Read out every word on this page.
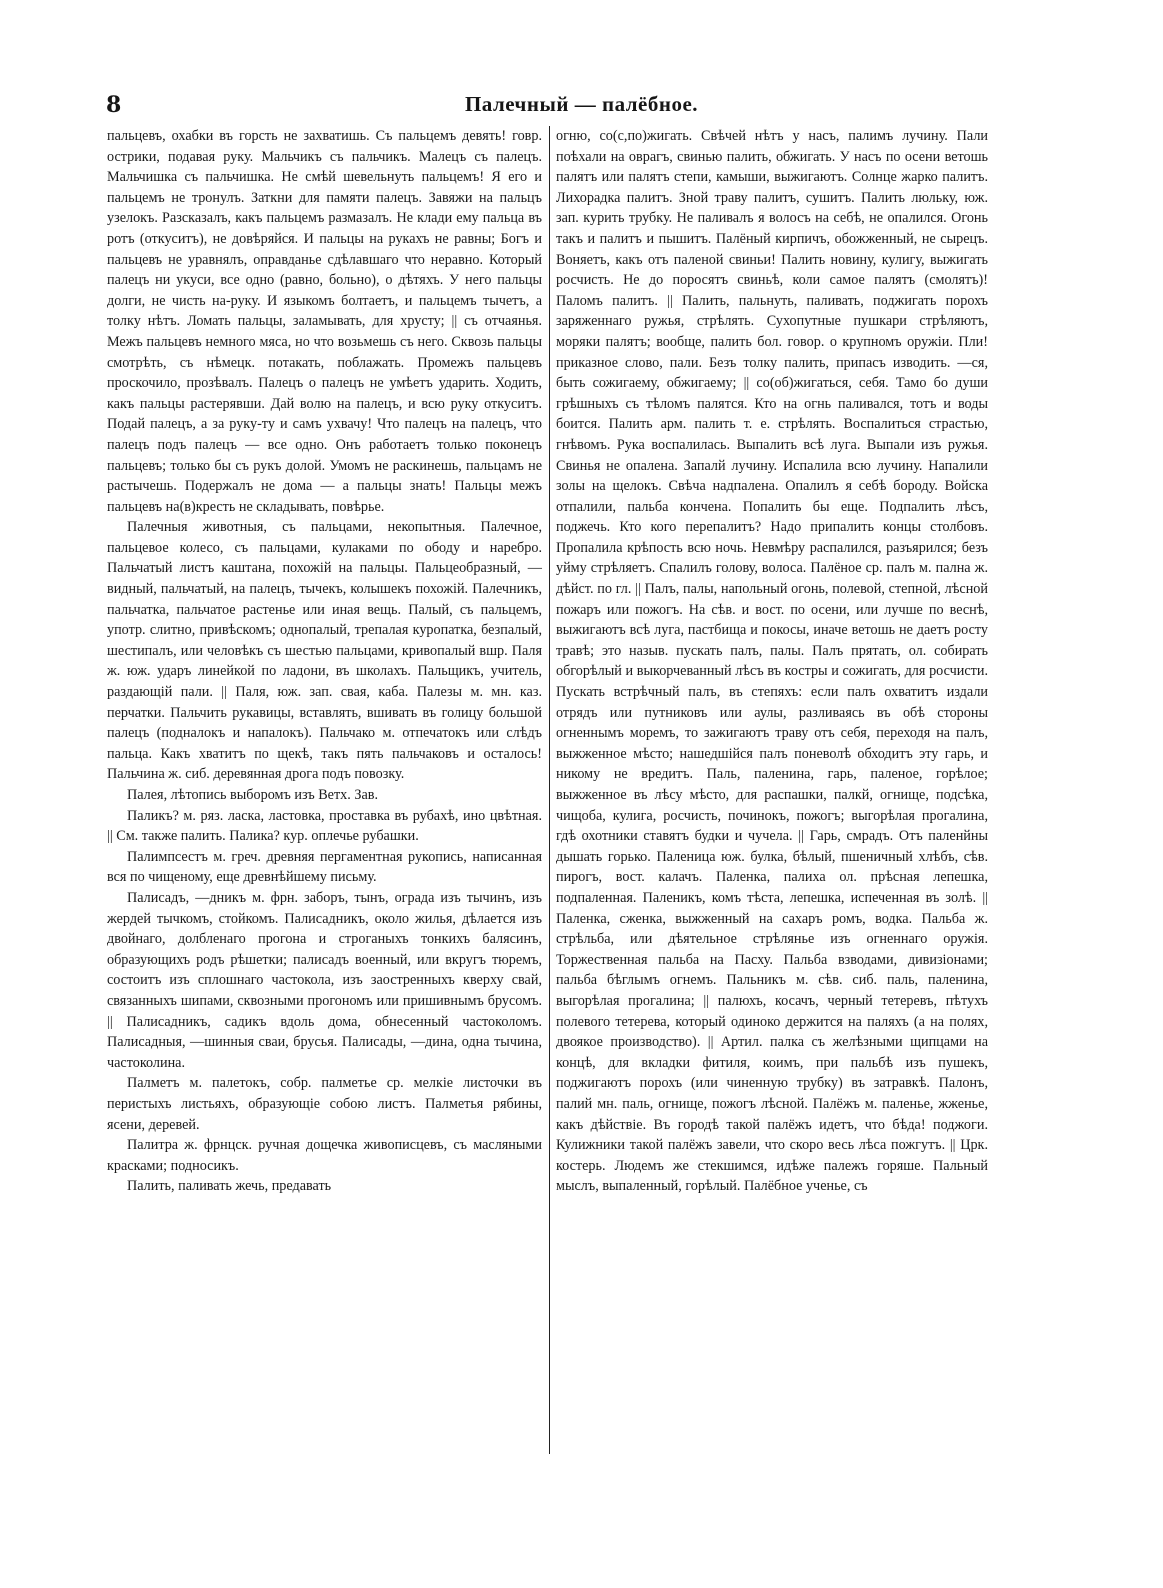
8	Палечный — палёбное.

пальцевъ, охабки въ горсть не захватишь. Съ пальцемъ девять! говр. острики, подавая руку. Мальчикъ съ пальчикъ. Малецъ съ палецъ. Мальчишка съ пальчишка. Не смѣй шевельнуть пальцемъ! Я его и пальцемъ не тронулъ. Заткни для памяти палецъ. Завяжи на пальцъ узелокъ. Разсказалъ, какъ пальцемъ размазалъ. Не клади ему пальца въ ротъ (откуситъ), не довѣряйся. И пальцы на рукахъ не равны; Богъ и пальцевъ не уравнялъ, оправданье сдѣлавшаго что неравно. Который палецъ ни укуси, все одно (равно, больно), о дѣтяхъ. У него пальцы долги, не чисть на-руку. И языкомъ болтаетъ, и пальцемъ тычетъ, а толку нѣтъ. Ломать пальцы, заламывать, для хрусту; || съ отчаянья. Межъ пальцевъ немного мяса, но что возьмешь съ него. Сквозь пальцы смотрѣть, съ нѣмецк. потакать, поблажать. Промежъ пальцевъ проскочило, прозѣвалъ. Палецъ о палецъ не умѣетъ ударить. Ходить, какъ пальцы растерявши. Дай волю на палецъ, и всю руку откуситъ. Подай палецъ, а за руку-ту и самъ ухвачу! Что палецъ на палецъ, что палецъ подъ палецъ — все одно. Онъ работаетъ только поконецъ пальцевъ; только бы съ рукъ долой. Умомъ не раскинешь, пальцамъ не растычешь. Подержалъ не дома — а пальцы знать! Пальцы межъ пальцевъ на(в)кресть не складывать, повѣрье.

Палечныя животныя, съ пальцами, некопытныя. Палечное, пальцевое колесо, съ пальцами, кулаками по ободу и наребро. Пальчатый листъ каштана, похожій на пальцы. Пальцеобразный, —видный, пальчатый, на палецъ, тычекъ, колышекъ похожій. Палечникъ, пальчатка, пальчатое растенье или иная вещь. Палый, съ пальцемъ, употр. слитно, привѣскомъ; однопалый, трепалая куропатка, безпалый, шестипалъ, или человѣкъ съ шестью пальцами, кривопалый вшр. Паля ж. юж. ударъ линейкой по ладони, въ школахъ. Пальщикъ, учитель, раздающій пали. || Паля, юж. зап. свая, каба. Палезы м. мн. каз. перчатки. Пальчить рукавицы, вставлять, вшивать въ голицу большой палецъ (подналокъ и напалокъ). Пальчако м. отпечатокъ или слѣдъ пальца. Какъ хватитъ по щекѣ, такъ пять пальчаковъ и осталось! Пальчина ж. сиб. деревянная дрога подъ повозку.

Палея, лѣтопись выборомъ изъ Ветх. Зав.

Паликъ? м. ряз. ласка, ластовка, проставка въ рубахѣ, ино цвѣтная. || См. также палить. Палика? кур. оплечье рубашки.

Палимпсестъ м. греч. древняя пергаментная рукопись, написанная вся по чищеному, еще древнѣйшему письму.

Палисадъ, —дникъ м. фрн. заборъ, тынъ, ограда изъ тычинъ, изъ жердей тычкомъ, стойкомъ. Палисадникъ, около жилья, дѣлается изъ двойнаго, долбленаго прогона и строганыхъ тонкихъ балясинъ, образующихъ родъ рѣшетки; палисадъ военный, или вкругъ тюремъ, состоитъ изъ сплошнаго частокола, изъ заостренныхъ кверху свай, связанныхъ шипами, сквозными прогономъ или пришивнымъ брусомъ. || Палисадникъ, садикъ вдоль дома, обнесенный частоколомъ. Палисадныя, —шинныя сваи, брусья. Палисады, —дина, одна тычина, частоколина.

Палметъ м. палетокъ, собр. палметье ср. мелкіе листочки въ перистыхъ листьяхъ, образующіе собою листъ. Палметья рябины, ясени, деревей.

Палитра ж. фрнцск. ручная дощечка живописцевъ, съ масляными красками; подносикъ.

Палить, паливать жечь, предавать

огню, со(с,по)жигать. Свѣчей нѣтъ у насъ, палимъ лучину. Пали поѣхали на оврагъ, свинью палить, обжигать. У насъ по осени ветошь палятъ или палятъ степи, камыши, выжигаютъ. Солнце жарко палитъ. Лихорадка палитъ. Зной траву палитъ, сушитъ. Палить люльку, юж. зап. курить трубку. Не паливалъ я волосъ на себѣ, не опалился. Огонь такъ и палитъ и пышитъ. Палёный кирпичъ, обожженный, не сырецъ. Воняетъ, какъ отъ паленой свиньи! Палить новину, кулигу, выжигать росчисть. Не до поросятъ свиньѣ, коли самое палятъ (смолятъ)! Паломъ палитъ. || Палить, пальнуть, паливать, поджигать порохъ заряженнаго ружья, стрѣлять. Сухопутные пушкари стрѣляютъ, моряки палятъ; вообще, палить бол. говор. о крупномъ оружіи. Пли! приказное слово, пали. Безъ толку палить, припасъ изводить. —ся, быть сожигаему, обжигаему; || со(об)жигаться, себя. Тамо бо души грѣшныхъ съ тѣломъ палятся. Кто на огнь паливался, тотъ и воды боится. Палить арм. палить т. е. стрѣлять. Воспалиться страстью, гнѣвомъ. Рука воспалилась. Выпалить всѣ луга. Выпали изъ ружья. Свинья не опалена. Запалй лучину. Испалила всю лучину. Напалили золы на щелокъ. Свѣча надпалена. Опалилъ я себѣ бороду. Войска отпалили, пальба кончена. Попалить бы еще. Подпалить лѣсъ, поджечь. Кто кого перепалитъ? Надо припалить концы столбовъ. Пропалила крѣпость всю ночь. Невмѣру распалился, разъярился; безъ уйму стрѣляетъ. Спалилъ голову, волоса. Палёное ср. палъ м. пална ж. дѣйст. по гл. || Палъ, палы, напольный огонь, полевой, степной, лѣсной пожаръ или пожогъ. На сѣв. и вост. по осени, или лучше по веснѣ, выжигаютъ всѣ луга, пастбища и покосы, иначе ветошь не даетъ росту травѣ; это назыв. пускать палъ, палы. Палъ прятать, ол. собирать обгорѣлый и выкорчеванный лѣсъ въ костры и сожигать, для росчисти. Пускать встрѣчный палъ, въ степяхъ: если палъ охватитъ издали отрядъ или путниковъ или аулы, разливаясь въ обѣ стороны огненнымъ моремъ, то зажигаютъ траву отъ себя, переходя на палъ, выжженное мѣсто; нашедшійся палъ поневолѣ обходитъ эту гарь, и никому не вредитъ. Паль, паленина, гарь, паленое, горѣлое; выжженное въ лѣсу мѣсто, для распашки, палкй, огнище, подсѣка, чищоба, кулига, росчисть, починокъ, пожогъ; выгорѣлая прогалина, гдѣ охотники ставятъ будки и чучела. || Гарь, смрадъ. Отъ паленйны дышать горько. Паленица юж. булка, бѣлый, пшеничный хлѣбъ, сѣв. пирогъ, вост. калачъ. Паленка, палиха ол. прѣсная лепешка, подпаленная. Паленикъ, комъ тѣста, лепешка, испеченная въ золѣ. || Паленка, сженка, выжженный на сахаръ ромъ, водка. Пальба ж. стрѣльба, или дѣятельное стрѣлянье изъ огненнаго оружія. Торжественная пальба на Пасху. Пальба взводами, дивизіонами; пальба бѣглымъ огнемъ. Пальникъ м. сѣв. сиб. паль, паленина, выгорѣлая прогалина; || палюхъ, косачъ, черный тетеревъ, пѣтухъ полевого тетерева, который одиноко держится на паляхъ (а на полях, двоякое производство). || Артил. палка съ желѣзными щипцами на концѣ, для вкладки фитиля, коимъ, при пальбѣ изъ пушекъ, поджигаютъ порохъ (или чиненную трубку) въ затравкѣ. Палонъ, палий мн. паль, огнище, пожогъ лѣсной. Палёжъ м. паленье, жженье, какъ дѣйствіе. Въ городѣ такой палёжъ идетъ, что бѣда! поджоги. Кулижники такой палёжъ завели, что скоро весь лѣса пожгутъ. || Црк. костерь. Людемъ же стекшимся, идѣже палежъ горяше. Пальный мыслъ, выпаленный, горѣлый. Палёбное ученье, съ
